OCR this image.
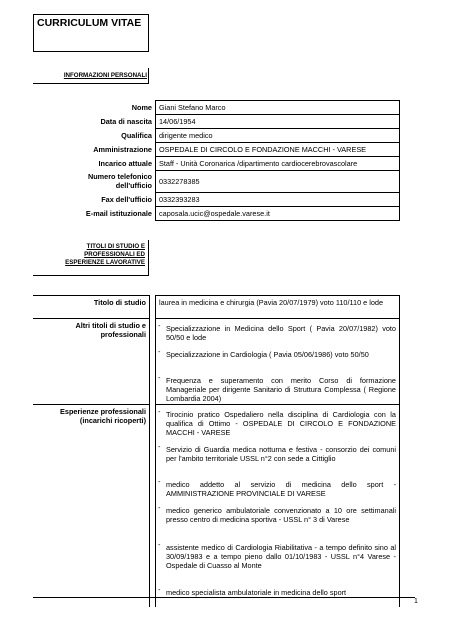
CURRICULUM VITAE
INFORMAZIONI PERSONALI
Nome Giani Stefano Marco
Data di nascita 14/06/1954
Qualifica dirigente medico
Amministrazione OSPEDALE DI CIRCOLO E FONDAZIONE MACCHI - VARESE
Incarico attuale Staff - Unità Coronarica /dipartimento cardiocerebrovascolare
Numero telefonico dell'ufficio 0332278385
Fax dell'ufficio 0332393283
E-mail istituzionale caposala.ucic@ospedale.varese.it
TITOLI DI STUDIO E PROFESSIONALI ED ESPERIENZE LAVORATIVE
Titolo di studio
Altri titoli di studio e professionali
Esperienze professionali (incarichi ricoperti)
laurea in medicina e chirurgia (Pavia 20/07/1979) voto 110/110 e lode
- Specializzazione in Medicina dello Sport ( Pavia 20/07/1982) voto 50/50 e lode
- Specializzazione in Cardiologia ( Pavia 05/06/1986) voto 50/50
- Frequenza e superamento con merito Corso di formazione Manageriale per dirigente Sanitario di Struttura Complessa ( Regione Lombardia 2004)
- Tirocinio pratico Ospedaliero nella disciplina di Cardiologia con la qualifica di Ottimo - OSPEDALE DI CIRCOLO E FONDAZIONE MACCHI - VARESE
- Servizio di Guardia medica notturna e festiva - consorzio dei comuni per l'ambito territoriale USSL n°2 con sede a Cittiglio
- medico addetto al servizio di medicina dello sport - AMMINISTRAZIONE PROVINCIALE DI VARESE
- medico generico ambulatoriale convenzionato a 10 ore settimanali presso centro di medicina sportiva - USSL n° 3 di Varese
- assistente medico di Cardiologia Riabilitativa - a tempo definito sino al 30/09/1983 e a tempo pieno dallo 01/10/1983 - USSL n°4 Varese - Ospedale di Cuasso al Monte
- medico specialista ambulatoriale in medicina dello sport
1
